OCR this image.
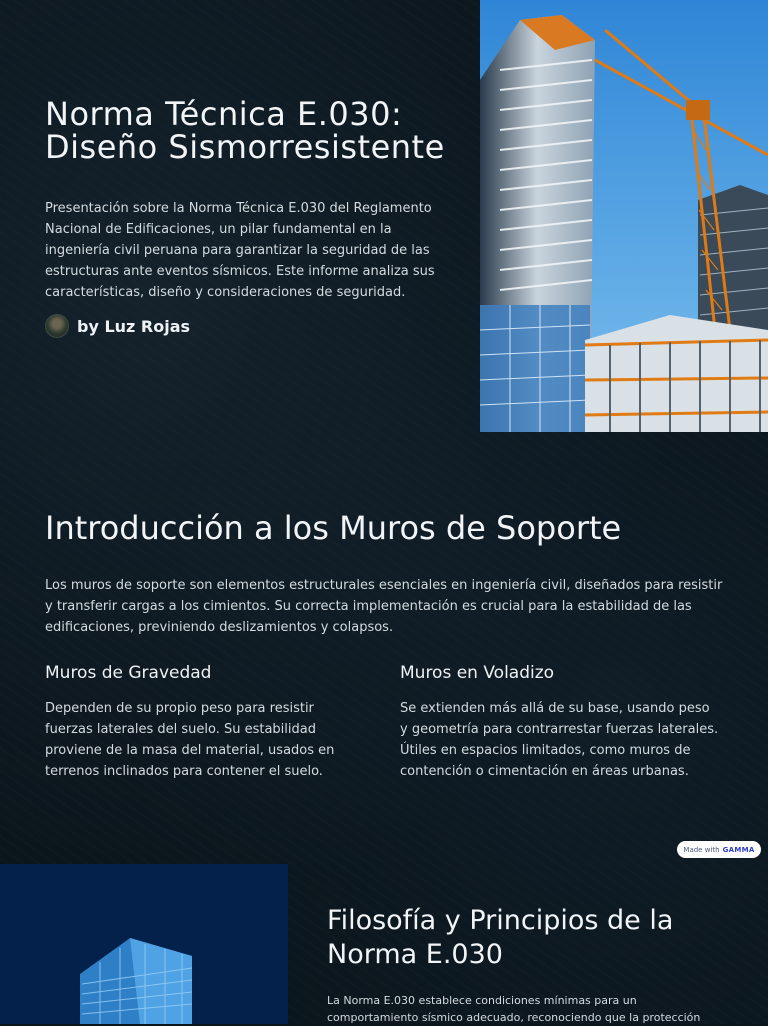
Norma Técnica E.030: Diseño Sismorresistente

Presentación sobre la Norma Técnica E.030 del Reglamento Nacional de Edificaciones, un pilar fundamental en la ingeniería civil peruana para garantizar la seguridad de las estructuras ante eventos sísmicos. Este informe analiza sus características, diseño y consideraciones de seguridad.

by Luz Rojas
Introducción a los Muros de Soporte

Los muros de soporte son elementos estructurales esenciales en ingeniería civil, diseñados para resistir y transferir cargas a los cimientos. Su correcta implementación es crucial para la estabilidad de las edificaciones, previniendo deslizamientos y colapsos.

Muros de Gravedad

Dependen de su propio peso para resistir fuerzas laterales del suelo. Su estabilidad proviene de la masa del material, usados en terrenos inclinados para contener el suelo.

Muros en Voladizo

Se extienden más allá de su base, usando peso y geometría para contrarrestar fuerzas laterales. Útiles en espacios limitados, como muros de contención o cimentación en áreas urbanas.

Made with GAMMA
Filosofía y Principios de la Norma E.030

La Norma E.030 establece condiciones mínimas para un comportamiento sísmico adecuado, reconociendo que la protección
